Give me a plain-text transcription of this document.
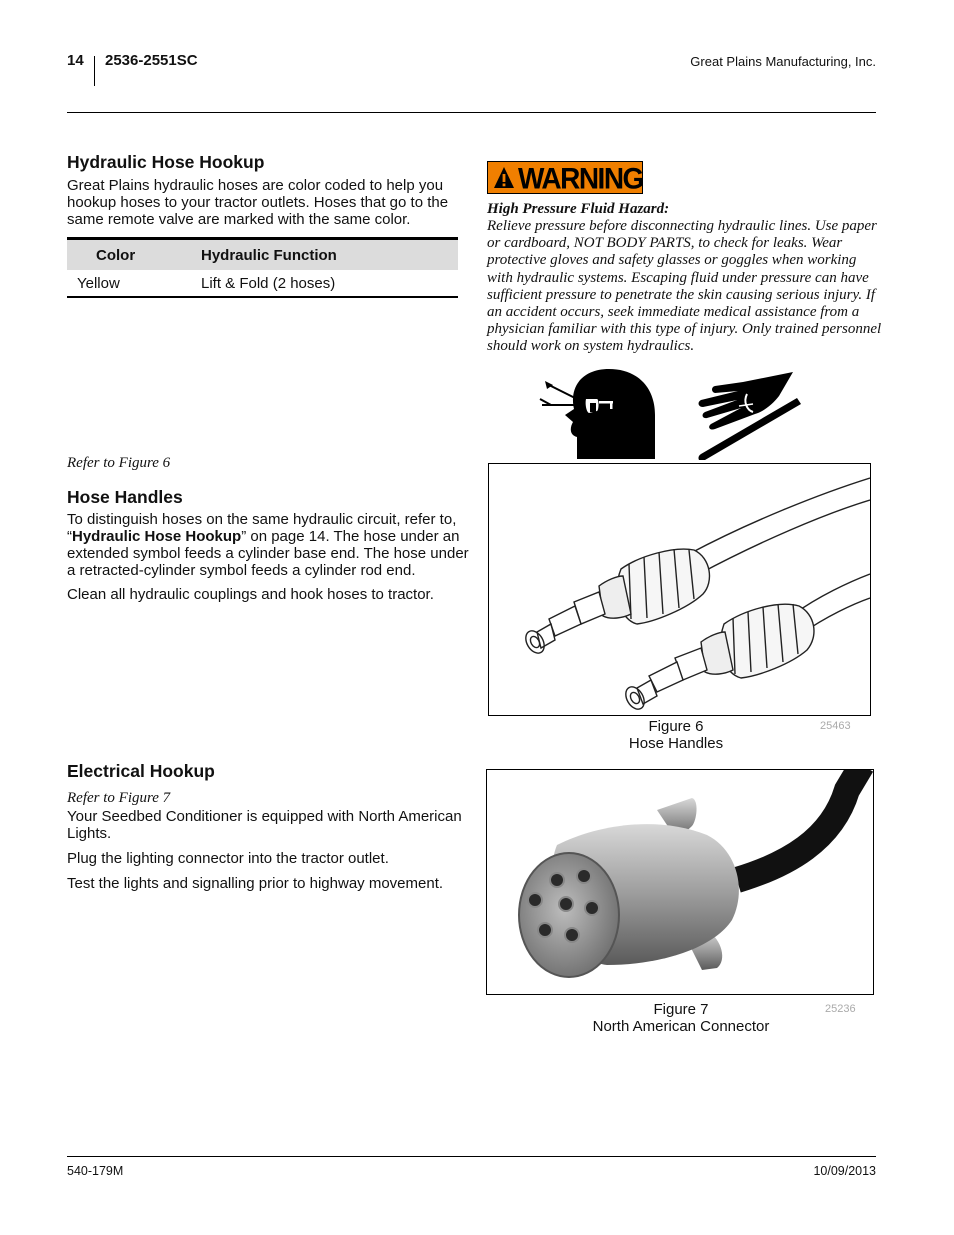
14 2536-2551SC	Great Plains Manufacturing, Inc.
Hydraulic Hose Hookup
Great Plains hydraulic hoses are color coded to help you hookup hoses to your tractor outlets. Hoses that go to the same remote valve are marked with the same color.
Color	Hydraulic Function
Yellow	Lift & Fold (2 hoses)
WARNING
High Pressure Fluid Hazard:
Relieve pressure before disconnecting hydraulic lines. Use paper or cardboard, NOT BODY PARTS, to check for leaks. Wear protective gloves and safety glasses or goggles when working with hydraulic systems. Escaping fluid under pressure can have sufficient pressure to penetrate the skin causing serious injury. If an accident occurs, seek immediate medical assistance from a physician familiar with this type of injury. Only trained personnel should work on system hydraulics.
Refer to Figure 6
Hose Handles
To distinguish hoses on the same hydraulic circuit, refer to, “Hydraulic Hose Hookup” on page 14. The hose under an extended symbol feeds a cylinder base end. The hose under a retracted-cylinder symbol feeds a cylinder rod end.
Clean all hydraulic couplings and hook hoses to tractor.
Figure 6
Hose Handles
25463
Electrical Hookup
Refer to Figure 7
Your Seedbed Conditioner is equipped with North American Lights.
Plug the lighting connector into the tractor outlet.
Test the lights and signalling prior to highway movement.
Figure 7
North American Connector
25236
540-179M	10/09/2013
